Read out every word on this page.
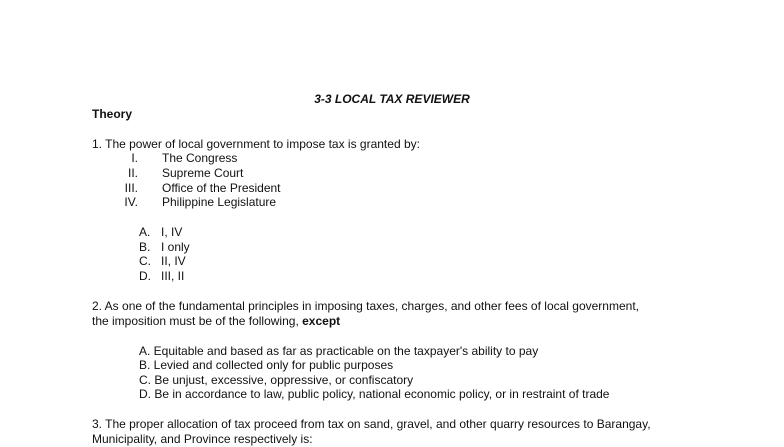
3-3 LOCAL TAX REVIEWER
Theory
1. The power of local government to impose tax is granted by:
I. The Congress
II. Supreme Court
III. Office of the President
IV. Philippine Legislature
A. I, IV
B. I only
C. II, IV
D. III, II
2. As one of the fundamental principles in imposing taxes, charges, and other fees of local government,
the imposition must be of the following, except
A. Equitable and based as far as practicable on the taxpayer's ability to pay
B. Levied and collected only for public purposes
C. Be unjust, excessive, oppressive, or confiscatory
D. Be in accordance to law, public policy, national economic policy, or in restraint of trade
3. The proper allocation of tax proceed from tax on sand, gravel, and other quarry resources to Barangay,
Municipality, and Province respectively is:
